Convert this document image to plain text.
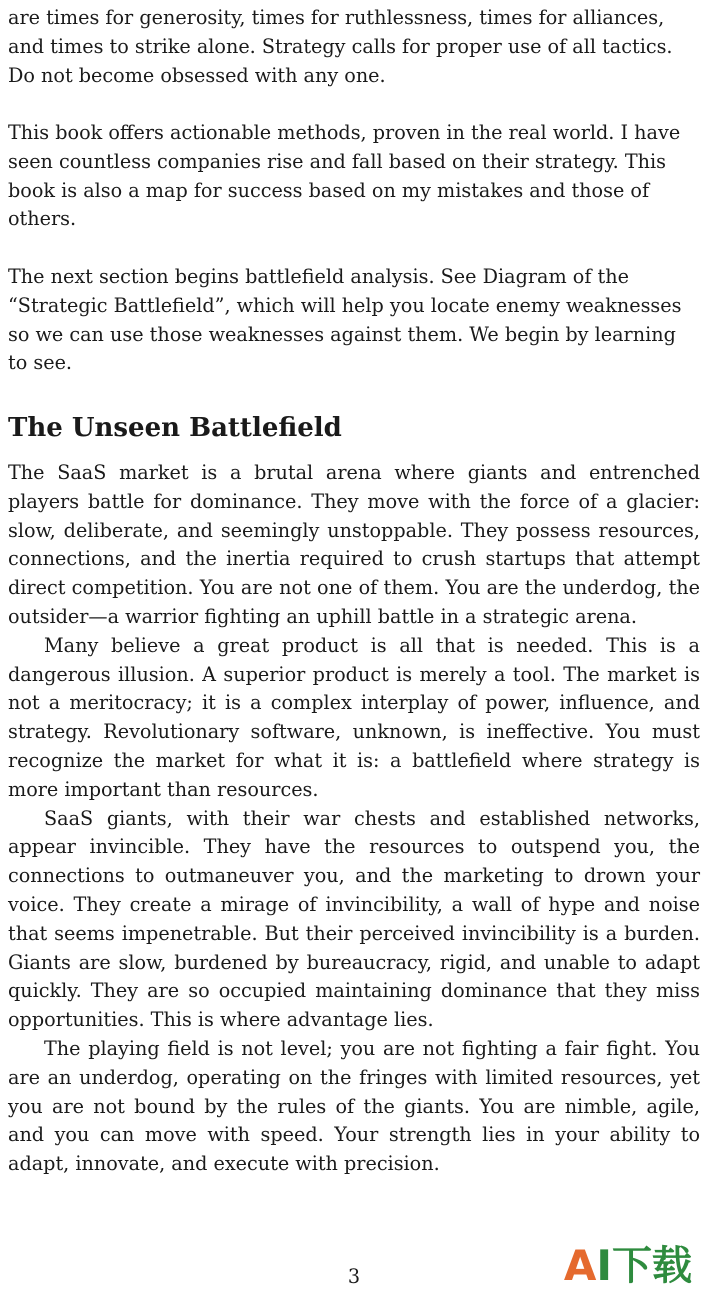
are times for generosity, times for ruthlessness, times for alliances, and times to strike alone. Strategy calls for proper use of all tactics. Do not become obsessed with any one.

This book offers actionable methods, proven in the real world. I have seen countless companies rise and fall based on their strategy. This book is also a map for success based on my mistakes and those of others.

The next section begins battlefield analysis. See Diagram of the “Strategic Battlefield”, which will help you locate enemy weaknesses so we can use those weaknesses against them. We begin by learning to see.

The Unseen Battlefield

The SaaS market is a brutal arena where giants and entrenched players battle for dominance. They move with the force of a glacier: slow, deliberate, and seemingly unstoppable. They possess resources, connections, and the inertia required to crush startups that attempt direct competition. You are not one of them. You are the underdog, the outsider—a warrior fighting an uphill battle in a strategic arena.

Many believe a great product is all that is needed. This is a dangerous illusion. A superior product is merely a tool. The market is not a meritocracy; it is a complex interplay of power, influence, and strategy. Revolutionary software, unknown, is ineffective. You must recognize the market for what it is: a battlefield where strategy is more important than resources.

SaaS giants, with their war chests and established networks, appear invincible. They have the resources to outspend you, the connections to outmaneuver you, and the marketing to drown your voice. They create a mirage of invincibility, a wall of hype and noise that seems impenetrable. But their perceived invincibility is a burden. Giants are slow, burdened by bureaucracy, rigid, and unable to adapt quickly. They are so occupied maintaining dominance that they miss opportunities. This is where advantage lies.

The playing field is not level; you are not fighting a fair fight. You are an underdog, operating on the fringes with limited resources, yet you are not bound by the rules of the giants. You are nimble, agile, and you can move with speed. Your strength lies in your ability to adapt, innovate, and execute with precision.

3	A I 下载
